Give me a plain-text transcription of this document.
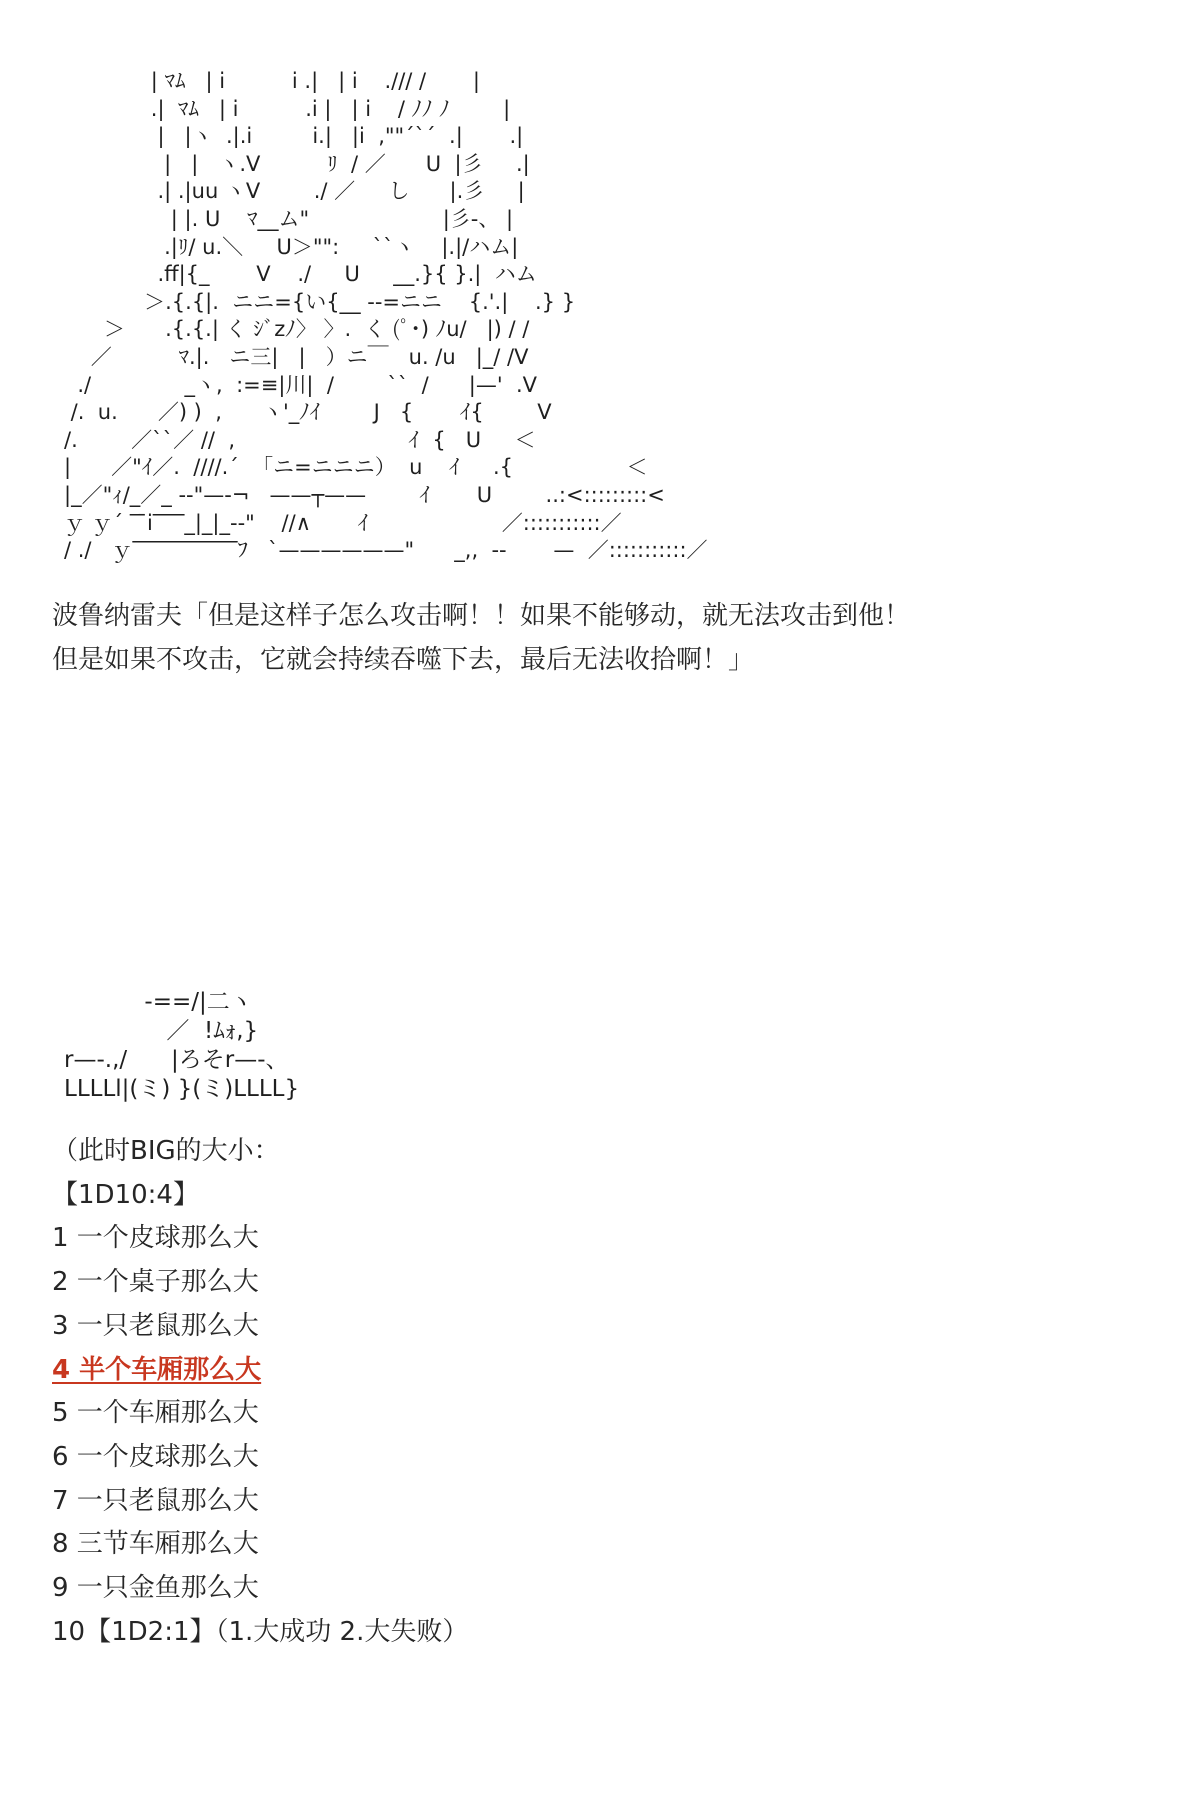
| ﾏﾑ   | i          i .|   | i    ./// /       |
.|  ﾏﾑ   | i          .i |   | i    / ﾉﾉ ﾉ        |
|   |ヽ  .|.i         i.|   |i  ,""´`´  .|       .|
|   |   ヽ.V          ﾘ  / ／      U  |彡     .|
.| .|uu ヽV        ./ ／     し      |.彡     |
| |. U    ﾏ__ム"                    |彡-、 |
.|ﾘ/ u.＼     U＞"":     ``ヽ    |.|/ハム|
.ff|{_       V    ./     U     __.}{ }.|  ハム
＞.{.{|.  ニニ={い{__ --=ニニ    {.'.|    .} }
＞      .{.{.| く ｼﾞzﾉ〉 〉.  く (ﾟ･) ﾉu/   |) / /
／          ﾏ.|.   ニ三|   |   ）ニ￣   u. /u   |_/ /V
./              _ヽ,  :=≡|川|  /        ``  /      |—'  .V
/.  u.      ／) )  ,      ヽ'_ﾉｲ        J   {       ｲ{        V
/.        ／``／ //  ,                          ｲ  {   U     ＜
|      ／"ｲ／.  ////.´  「ニ=ニニニ）  u    ｲ     .{                 ＜
|_／"ｨ/_／_ --"—-¬   ——┬——        ｲ       U        ..:<:::::::::<
ｙ ｙ´ ‾ ̄i‾‾‾_|_|_--"    //∧       ｲ                    ／:::::::::::／
/ ./   ｙ‾‾‾‾‾‾‾‾‾‾ﾌ   `——————"      _,,  --       —  ／:::::::::::／

波鲁纳雷夫「但是这样子怎么攻击啊！！如果不能够动，就无法攻击到他！

但是如果不攻击，它就会持续吞噬下去，最后无法收拾啊！」

-==/|二ヽ
／  !ﾑｫ,}
r—-.,/      |ろそr—-、
LLLLl|(ミ) }(ミ)LLLL}
（此时BIG的大小：
【1D10:4】
1 一个皮球那么大
2 一个桌子那么大
3 一只老鼠那么大
4 半个车厢那么大
5 一个车厢那么大
6 一个皮球那么大
7 一只老鼠那么大
8 三节车厢那么大
9 一只金鱼那么大
10【1D2:1】（1.大成功 2.大失败）
